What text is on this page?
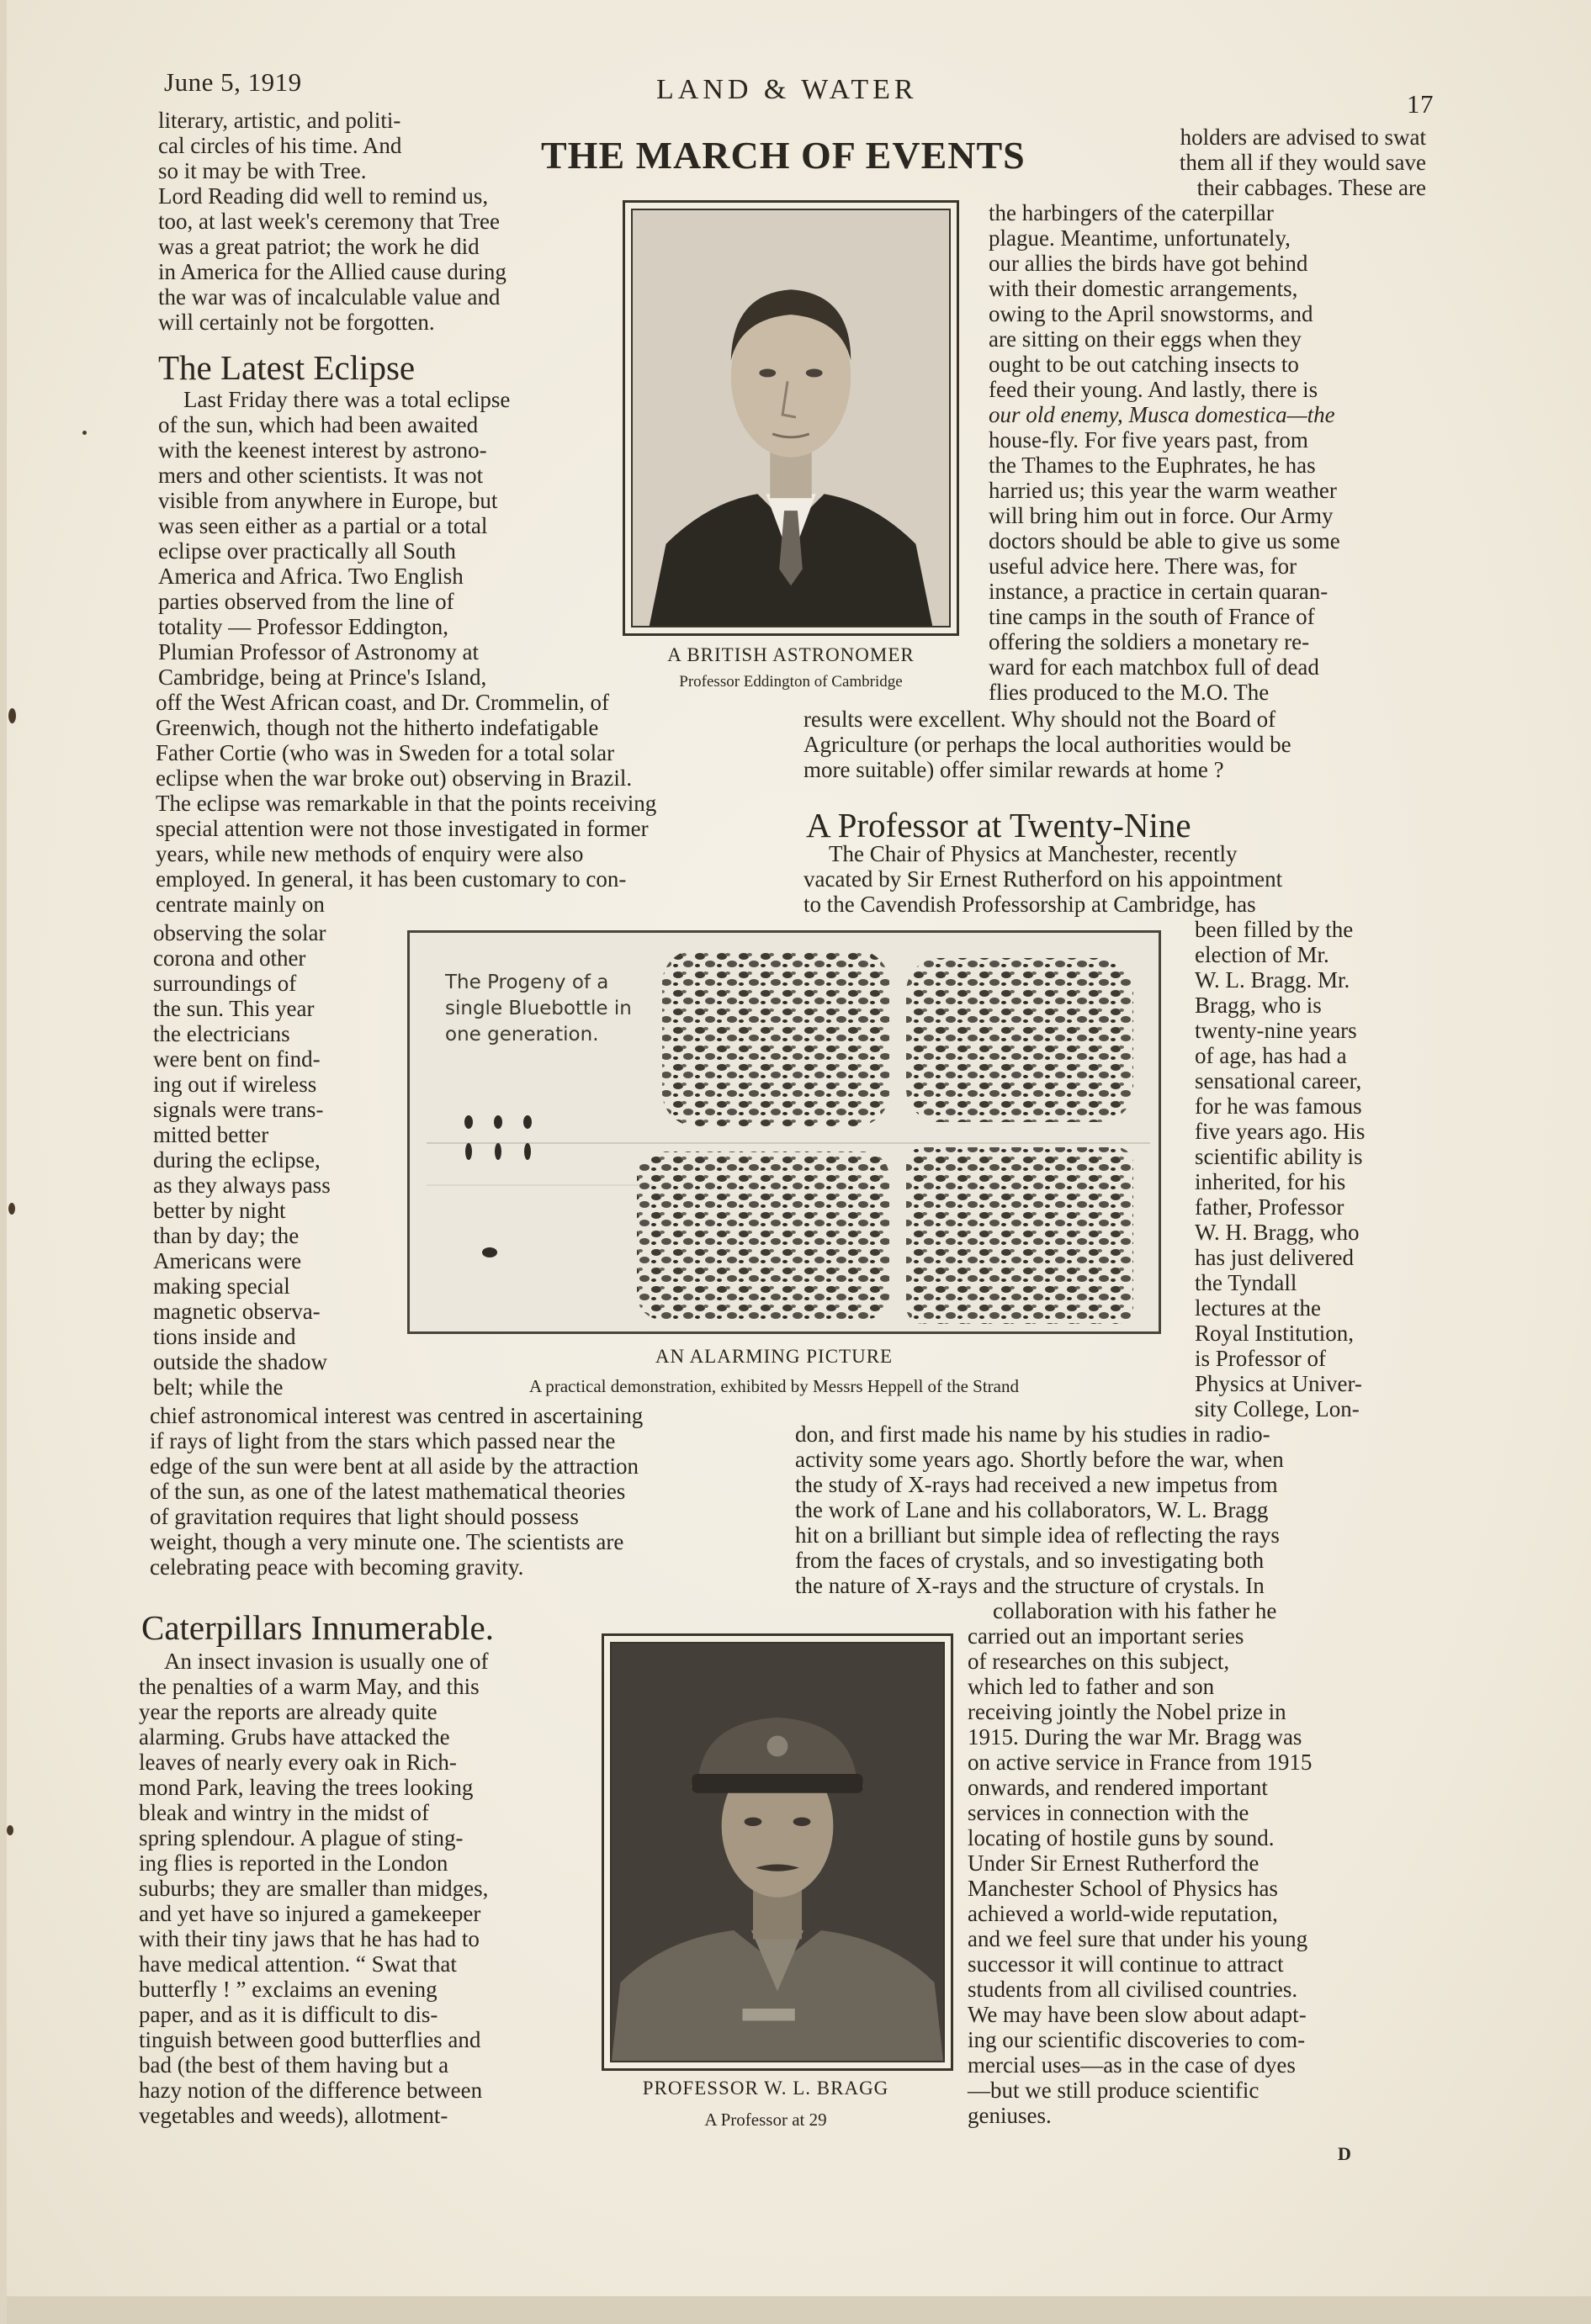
June 5, 1919	LAND & WATER	17
THE MARCH OF EVENTS
A BRITISH ASTRONOMER
Professor Eddington of Cambridge
literary, artistic, and politi-
cal circles of his time. And
so it may be with Tree.
Lord Reading did well to remind us,
too, at last week's ceremony that Tree
was a great patriot; the work he did
in America for the Allied cause during
the war was of incalculable value and
will certainly not be forgotten.
The Latest Eclipse
Last Friday there was a total eclipse
of the sun, which had been awaited
with the keenest interest by astrono-
mers and other scientists. It was not
visible from anywhere in Europe, but
was seen either as a partial or a total
eclipse over practically all South
America and Africa. Two English
parties observed from the line of
totality — Professor Eddington,
Plumian Professor of Astronomy at
Cambridge, being at Prince's Island,
off the West African coast, and Dr. Crommelin, of
Greenwich, though not the hitherto indefatigable
Father Cortie (who was in Sweden for a total solar
eclipse when the war broke out) observing in Brazil.
The eclipse was remarkable in that the points receiving
special attention were not those investigated in former
years, while new methods of enquiry were also
employed. In general, it has been customary to con-
centrate mainly on
observing the solar
corona and other
surroundings of
the sun. This year
the electricians
were bent on find-
ing out if wireless
signals were trans-
mitted better
during the eclipse,
as they always pass
better by night
than by day; the
Americans were
making special
magnetic observa-
tions inside and
outside the shadow
belt; while the
chief astronomical interest was centred in ascertaining
if rays of light from the stars which passed near the
edge of the sun were bent at all aside by the attraction
of the sun, as one of the latest mathematical theories
of gravitation requires that light should possess
weight, though a very minute one. The scientists are
celebrating peace with becoming gravity.
Caterpillars Innumerable.
An insect invasion is usually one of
the penalties of a warm May, and this
year the reports are already quite
alarming. Grubs have attacked the
leaves of nearly every oak in Rich-
mond Park, leaving the trees looking
bleak and wintry in the midst of
spring splendour. A plague of sting-
ing flies is reported in the London
suburbs; they are smaller than midges,
and yet have so injured a gamekeeper
with their tiny jaws that he has had to
have medical attention. “ Swat that
butterfly ! ” exclaims an evening
paper, and as it is difficult to dis-
tinguish between good butterflies and
bad (the best of them having but a
hazy notion of the difference between
vegetables and weeds), allotment-
holders are advised to swat
them all if they would save
their cabbages. These are
the harbingers of the caterpillar
plague. Meantime, unfortunately,
our allies the birds have got behind
with their domestic arrangements,
owing to the April snowstorms, and
are sitting on their eggs when they
ought to be out catching insects to
feed their young. And lastly, there is
our old enemy, Musca domestica—the
house-fly. For five years past, from
the Thames to the Euphrates, he has
harried us; this year the warm weather
will bring him out in force. Our Army
doctors should be able to give us some
useful advice here. There was, for
instance, a practice in certain quaran-
tine camps in the south of France of
offering the soldiers a monetary re-
ward for each matchbox full of dead
flies produced to the M.O. The
results were excellent. Why should not the Board of
Agriculture (or perhaps the local authorities would be
more suitable) offer similar rewards at home ?
A Professor at Twenty-Nine
The Chair of Physics at Manchester, recently
vacated by Sir Ernest Rutherford on his appointment
to the Cavendish Professorship at Cambridge, has
been filled by the
election of Mr.
W. L. Bragg. Mr.
Bragg, who is
twenty-nine years
of age, has had a
sensational career,
for he was famous
five years ago. His
scientific ability is
inherited, for his
father, Professor
W. H. Bragg, who
has just delivered
the Tyndall
lectures at the
Royal Institution,
is Professor of
Physics at Univer-
sity College, Lon-
don, and first made his name by his studies in radio-
activity some years ago. Shortly before the war, when
the study of X-rays had received a new impetus from
the work of Lane and his collaborators, W. L. Bragg
hit on a brilliant but simple idea of reflecting the rays
from the faces of crystals, and so investigating both
the nature of X-rays and the structure of crystals. In
collaboration with his father he
carried out an important series
of researches on this subject,
which led to father and son
receiving jointly the Nobel prize in
1915. During the war Mr. Bragg was
on active service in France from 1915
onwards, and rendered important
services in connection with the
locating of hostile guns by sound.
Under Sir Ernest Rutherford the
Manchester School of Physics has
achieved a world-wide reputation,
and we feel sure that under his young
successor it will continue to attract
students from all civilised countries.
We may have been slow about adapt-
ing our scientific discoveries to com-
mercial uses—as in the case of dyes
—but we still produce scientific
geniuses.
The Progeny of a
single Bluebottle in
one generation.
AN ALARMING PICTURE
A practical demonstration, exhibited by Messrs Heppell of the Strand
PROFESSOR W. L. BRAGG
A Professor at 29
D
